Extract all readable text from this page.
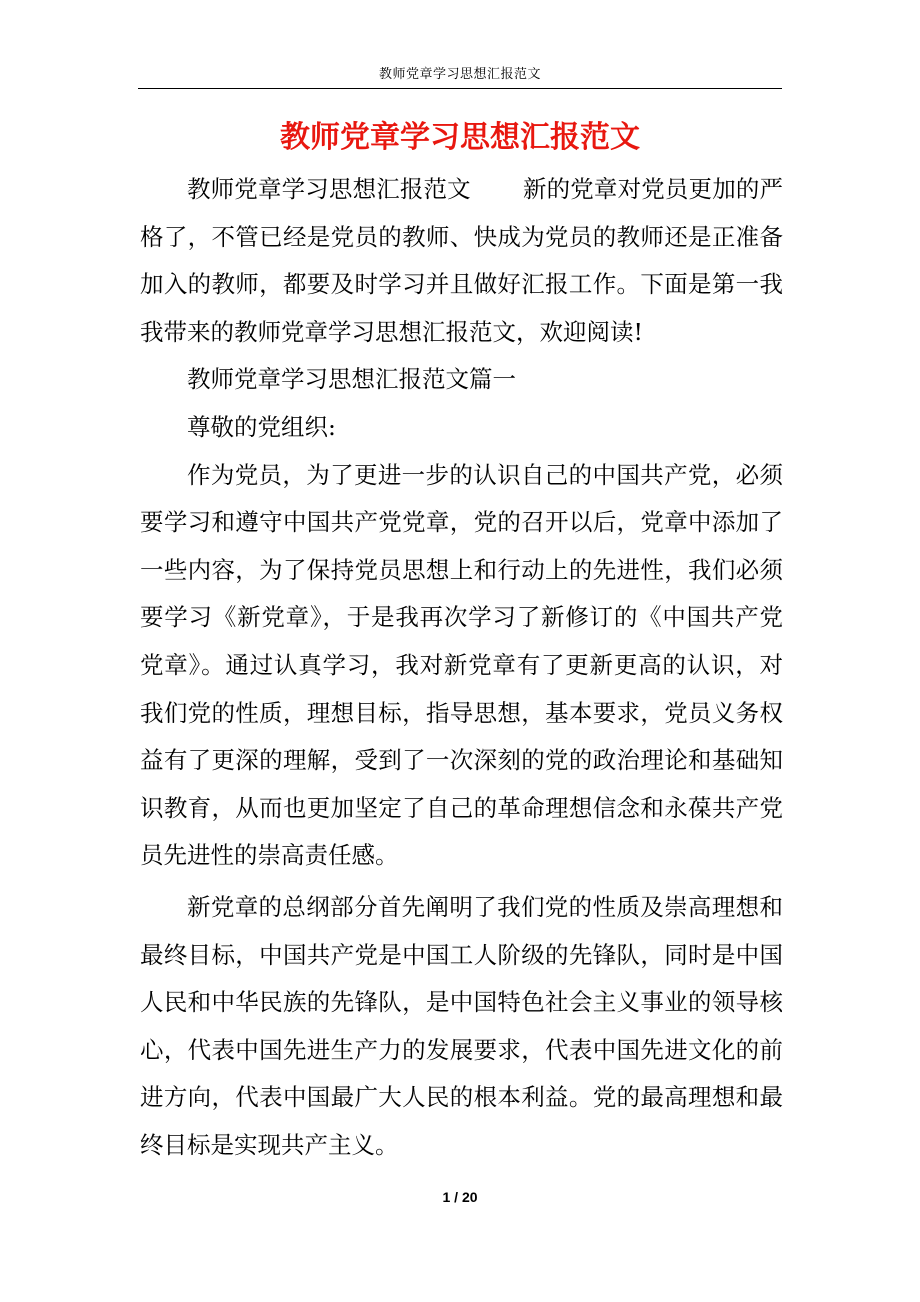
教师党章学习思想汇报范文
教师党章学习思想汇报范文

教师党章学习思想汇报范文 新的党章对党员更加的严格了，不管已经是党员的教师、快成为党员的教师还是正准备加入的教师，都要及时学习并且做好汇报工作。下面是第一我我带来的教师党章学习思想汇报范文，欢迎阅读!

教师党章学习思想汇报范文篇一

尊敬的党组织:

作为党员，为了更进一步的认识自己的中国共产党，必须要学习和遵守中国共产党党章，党的召开以后，党章中添加了一些内容，为了保持党员思想上和行动上的先进性，我们必须要学习《新党章》，于是我再次学习了新修订的《中国共产党党章》。通过认真学习，我对新党章有了更新更高的认识，对我们党的性质，理想目标，指导思想，基本要求，党员义务权益有了更深的理解，受到了一次深刻的党的政治理论和基础知识教育，从而也更加坚定了自己的革命理想信念和永葆共产党员先进性的崇高责任感。

新党章的总纲部分首先阐明了我们党的性质及崇高理想和最终目标，中国共产党是中国工人阶级的先锋队，同时是中国人民和中华民族的先锋队，是中国特色社会主义事业的领导核心，代表中国先进生产力的发展要求，代表中国先进文化的前进方向，代表中国最广大人民的根本利益。党的最高理想和最终目标是实现共产主义。

1 / 20
